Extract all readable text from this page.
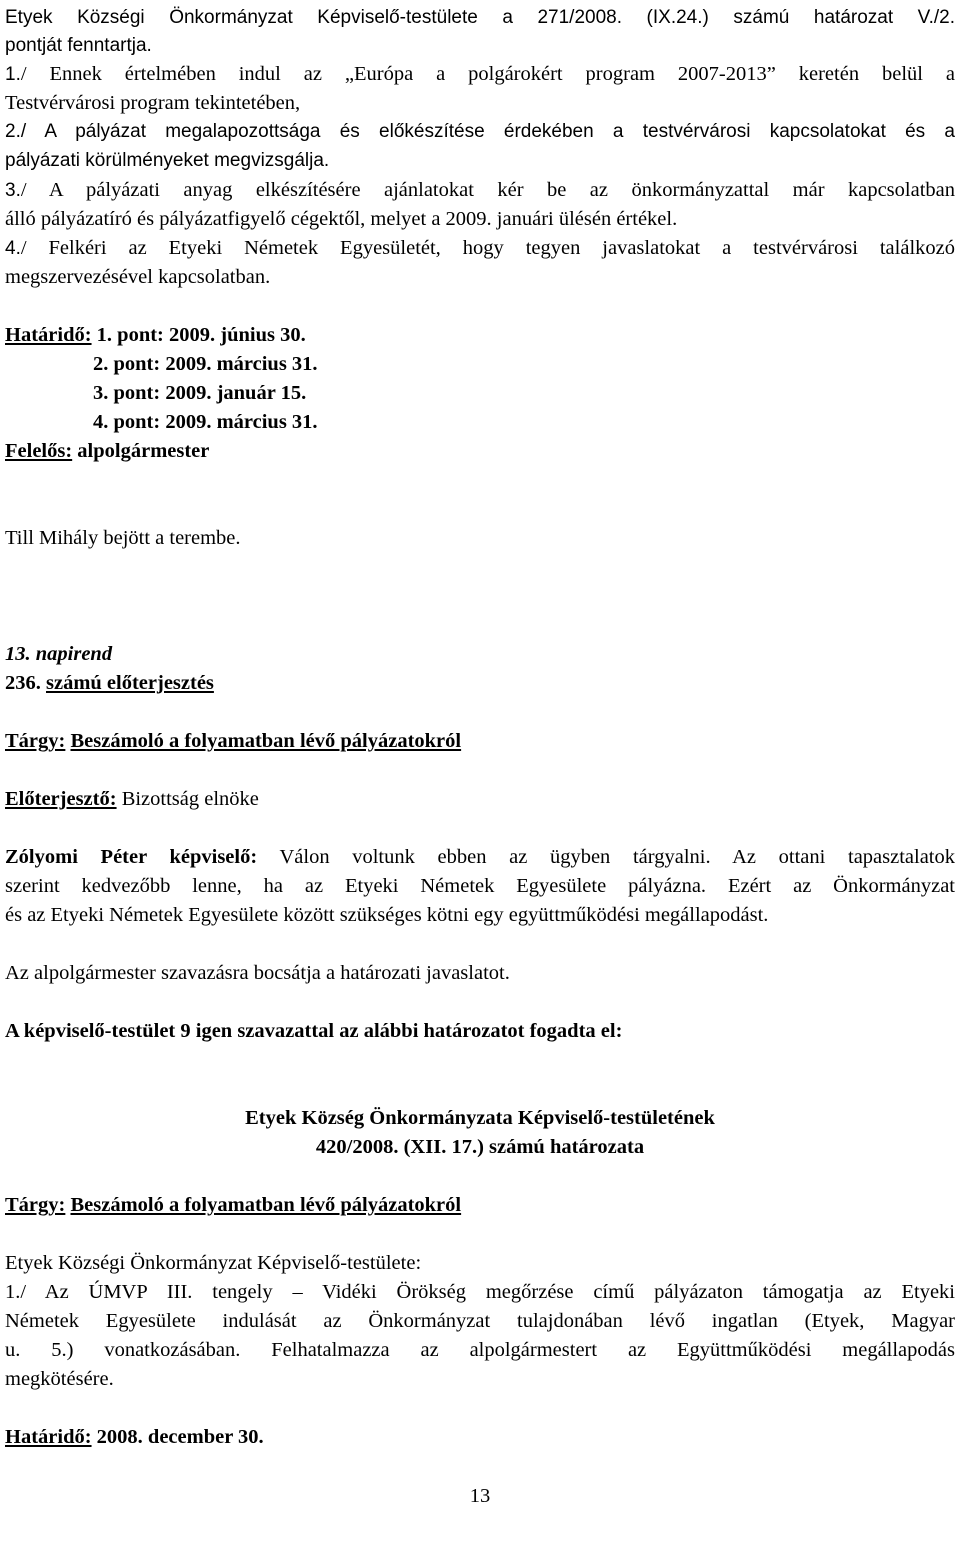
Etyek Községi Önkormányzat Képviselő-testülete a 271/2008. (IX.24.) számú határozat V./2.
pontját fenntartja.
1./ Ennek értelmében indul az „Európa a polgárokért program 2007-2013” keretén belül a
Testvérvárosi program tekintetében,
2./ A pályázat megalapozottsága és előkészítése érdekében a testvérvárosi kapcsolatokat és a
pályázati körülményeket megvizsgálja.
3./ A pályázati anyag elkészítésére ajánlatokat kér be az önkormányzattal már kapcsolatban
álló pályázatíró és pályázatfigyelő cégektől, melyet a 2009. januári ülésén értékel.
4./ Felkéri az Etyeki Németek Egyesületét, hogy tegyen javaslatokat a testvérvárosi találkozó
megszervezésével kapcsolatban.
Határidő: 1. pont: 2009. június 30.
2. pont: 2009. március 31.
3. pont: 2009. január 15.
4. pont: 2009. március 31.
Felelős: alpolgármester
Till Mihály bejött a terembe.
13. napirend
236. számú előterjesztés
Tárgy: Beszámoló a folyamatban lévő pályázatokról
Előterjesztő: Bizottság elnöke
Zólyomi Péter képviselő: Válon voltunk ebben az ügyben tárgyalni. Az ottani tapasztalatok
szerint kedvezőbb lenne, ha az Etyeki Németek Egyesülete pályázna. Ezért az Önkormányzat
és az Etyeki Németek Egyesülete között szükséges kötni egy együttműködési megállapodást.
Az alpolgármester szavazásra bocsátja a határozati javaslatot.
A képviselő-testület 9 igen szavazattal az alábbi határozatot fogadta el:
Etyek Község Önkormányzata Képviselő-testületének
420/2008. (XII. 17.) számú határozata
Tárgy: Beszámoló a folyamatban lévő pályázatokról
Etyek Községi Önkormányzat Képviselő-testülete:
1./ Az ÚMVP III. tengely – Vidéki Örökség megőrzése című pályázaton támogatja az Etyeki
Németek Egyesülete indulását az Önkormányzat tulajdonában lévő ingatlan (Etyek, Magyar
u. 5.) vonatkozásában. Felhatalmazza az alpolgármestert az Együttműködési megállapodás
megkötésére.
Határidő: 2008. december 30.
13
